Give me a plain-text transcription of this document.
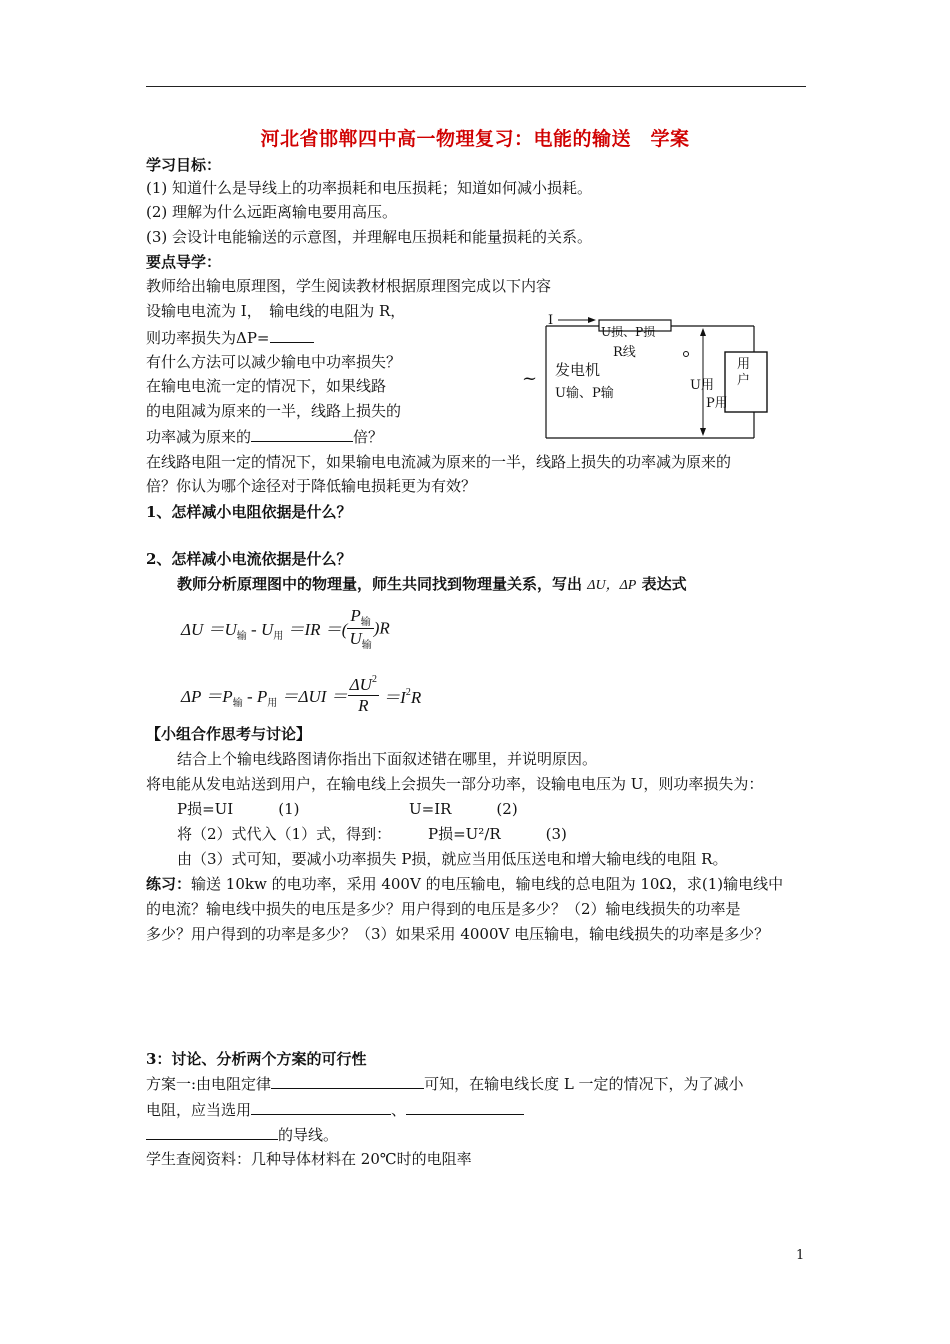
河北省邯郸四中高一物理复习：电能的输送　学案
学习目标：
(1) 知道什么是导线上的功率损耗和电压损耗；知道如何减小损耗。
(2) 理解为什么远距离输电要用高压。
(3) 会设计电能输送的示意图，并理解电压损耗和能量损耗的关系。
要点导学：
教师给出输电原理图，学生阅读教材根据原理图完成以下内容
设输电电流为 I，　输电线的电阻为 R，
则功率损失为ΔP=
有什么方法可以减少输电中功率损失？
在输电电流一定的情况下，如果线路
的电阻减为原来的一半，线路上损失的
功率减为原来的	倍？
在线路电阻一定的情况下，如果输电电流减为原来的一半，线路上损失的功率减为原来的
倍？你认为哪个途径对于降低输电损耗更为有效？
I
U损、P损
R线
~ 发电机
U输、P输
U用
P用
用户
1、怎样减小电阻依据是什么？
2、怎样减小电流依据是什么？
教师分析原理图中的物理量，师生共同找到物理量关系，写出 ΔU，ΔP 表达式
$\Delta U =U_输 - U_用 =IR$ ＝( $\frac{P_输}{U_输} )R$
$\Delta P =P_输 - P_用 =\Delta UI = \frac{\Delta U^2}{R} =I^2R$
【小组合作思考与讨论】
结合上个输电线路图请你指出下面叙述错在哪里，并说明原因。
将电能从发电站送到用户，在输电线上会损失一部分功率，设输电电压为 U，则功率损失为：
P损=UI　　　(1)	U=IR　　　(2)
将（2）式代入（1）式，得到： P损=U²/R　　　(3)
由（3）式可知，要减小功率损失 P损，就应当用低压送电和增大输电线的电阻 R。
练习：输送 10kw 的电功率，采用 400V 的电压输电，输电线的总电阻为 10Ω，求(1)输电线中
的电流？输电线中损失的电压是多少？用户得到的电压是多少？（2）输电线损失的功率是
多少？用户得到的功率是多少？（3）如果采用 4000V 电压输电，输电线损失的功率是多少？
3：讨论、分析两个方案的可行性
方案一:由电阻定律	可知，在输电线长度 L 一定的情况下，为了减小
电阻，应当选用	、
的导线。
学生查阅资料：几种导体材料在 20℃时的电阻率
1
